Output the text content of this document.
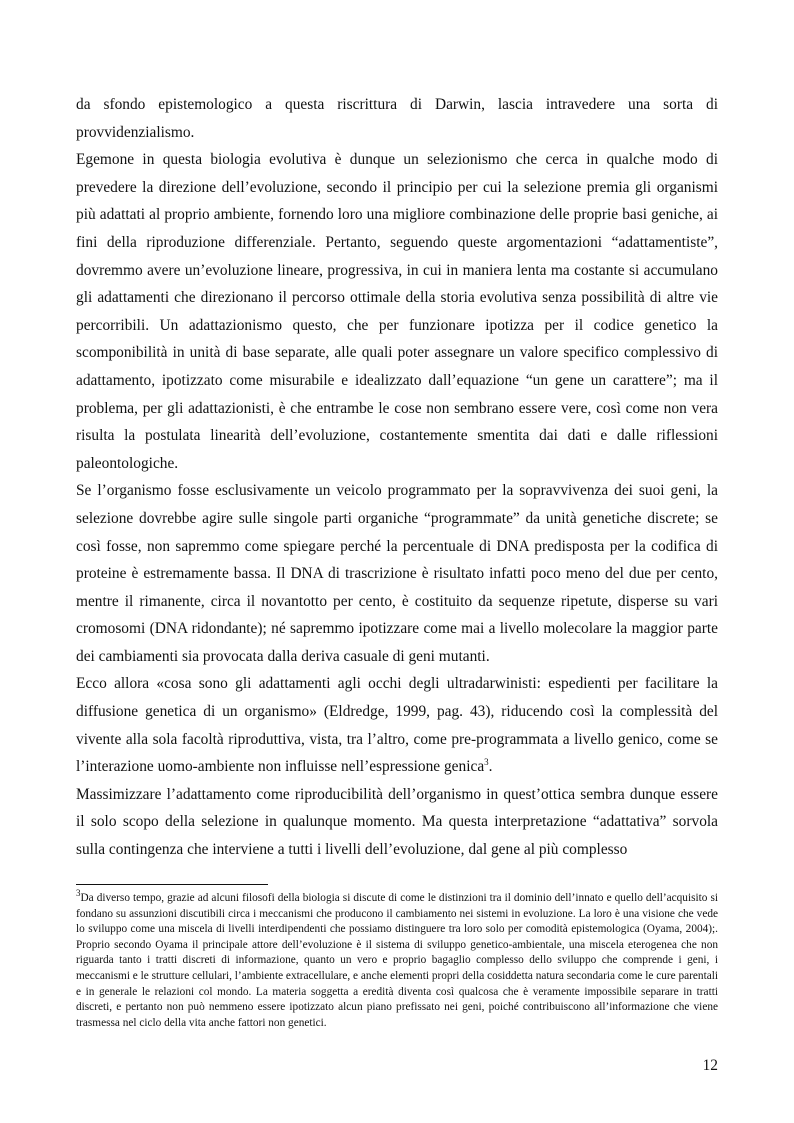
da sfondo epistemologico a questa riscrittura di Darwin, lascia intravedere una sorta di provvidenzialismo.

Egemone in questa biologia evolutiva è dunque un selezionismo che cerca in qualche modo di prevedere la direzione dell’evoluzione, secondo il principio per cui la selezione premia gli organismi più adattati al proprio ambiente, fornendo loro una migliore combinazione delle proprie basi geniche, ai fini della riproduzione differenziale. Pertanto, seguendo queste argomentazioni “adattamentiste”, dovremmo avere un’evoluzione lineare, progressiva, in cui in maniera lenta ma costante si accumulano gli adattamenti che direzionano il percorso ottimale della storia evolutiva senza possibilità di altre vie percorribili. Un adattazionismo questo, che per funzionare ipotizza per il codice genetico la scomponibilità in unità di base separate, alle quali poter assegnare un valore specifico complessivo di adattamento, ipotizzato come misurabile e idealizzato dall’equazione “un gene un carattere”; ma il problema, per gli adattazionisti, è che entrambe le cose non sembrano essere vere, così come non vera risulta la postulata linearità dell’evoluzione, costantemente smentita dai dati e dalle riflessioni paleontologiche.

Se l’organismo fosse esclusivamente un veicolo programmato per la sopravvivenza dei suoi geni, la selezione dovrebbe agire sulle singole parti organiche “programmate” da unità genetiche discrete; se così fosse, non sapremmo come spiegare perché la percentuale di DNA predisposta per la codifica di proteine è estremamente bassa. Il DNA di trascrizione è risultato infatti poco meno del due per cento, mentre il rimanente, circa il novantotto per cento, è costituito da sequenze ripetute, disperse su vari cromosomi (DNA ridondante); né sapremmo ipotizzare come mai a livello molecolare la maggior parte dei cambiamenti sia provocata dalla deriva casuale di geni mutanti.

Ecco allora «cosa sono gli adattamenti agli occhi degli ultradarwinisti: espedienti per facilitare la diffusione genetica di un organismo» (Eldredge, 1999, pag. 43), riducendo così la complessità del vivente alla sola facoltà riproduttiva, vista, tra l’altro, come pre-programmata a livello genico, come se l’interazione uomo-ambiente non influisse nell’espressione genica$^3$.

Massimizzare l’adattamento come riproducibilità dell’organismo in quest’ottica sembra dunque essere il solo scopo della selezione in qualunque momento. Ma questa interpretazione “adattativa” sorvola sulla contingenza che interviene a tutti i livelli dell’evoluzione, dal gene al più complesso

$^3$Da diverso tempo, grazie ad alcuni filosofi della biologia si discute di come le distinzioni tra il dominio dell’innato e quello dell’acquisito si fondano su assunzioni discutibili circa i meccanismi che producono il cambiamento nei sistemi in evoluzione. La loro è una visione che vede lo sviluppo come una miscela di livelli interdipendenti che possiamo distinguere tra loro solo per comodità epistemologica (Oyama, 2004);. Proprio secondo Oyama il principale attore dell’evoluzione è il sistema di sviluppo genetico-ambientale, una miscela eterogenea che non riguarda tanto i tratti discreti di informazione, quanto un vero e proprio bagaglio complesso dello sviluppo che comprende i geni, i meccanismi e le strutture cellulari, l’ambiente extracellulare, e anche elementi propri della cosiddetta natura secondaria come le cure parentali e in generale le relazioni col mondo. La materia soggetta a eredità diventa così qualcosa che è veramente impossibile separare in tratti discreti, e pertanto non può nemmeno essere ipotizzato alcun piano prefissato nei geni, poiché contribuiscono all’informazione che viene trasmessa nel ciclo della vita anche fattori non genetici.

12
